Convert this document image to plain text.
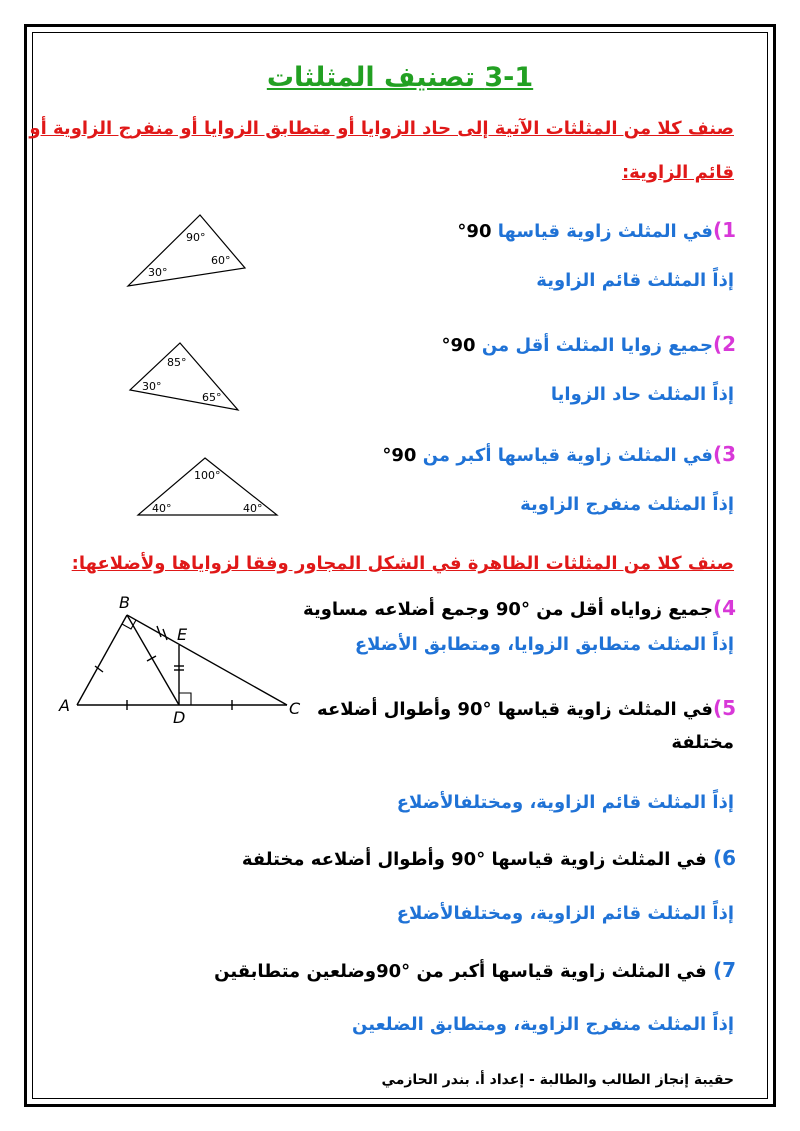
3-1 تصنيف المثلثات
صنف كلا من المثلثات الآتية إلى حاد الزوايا أو متطابق الزوايا أو منفرج الزاوية أو
قائم الزاوية:
1)في المثلث زاوية قياسها 90°
إذاً المثلث قائم الزاوية
2)جميع زوايا المثلث أقل من 90°
إذاً المثلث حاد الزوايا
3)في المثلث زاوية قياسها أكبر من 90°
إذاً المثلث منفرج الزاوية
90°
60°
30°
85°
30°
65°
100°
40°	40°
صنف كلا من المثلثات الظاهرة في الشكل المجاور وفقا لزواياها ولأضلاعها:
4)جميع زواياه أقل من °90 وجمع أضلاعه مساوية
إذاً المثلث متطابق الزوايا، ومتطابق الأضلاع
5)في المثلث زاوية قياسها °90 وأطوال أضلاعه
مختلفة
إذاً المثلث قائم الزاوية، ومختلفالأضلاع
6) في المثلث زاوية قياسها °90 وأطوال أضلاعه مختلفة
إذاً المثلث قائم الزاوية، ومختلفالأضلاع
7) في المثلث زاوية قياسها أكبر من °90وضلعين متطابقين
إذاً المثلث منفرج الزاوية، ومتطابق الضلعين
B
E
A
D	C
حقيبة إنجاز الطالب والطالبة - إعداد أ. بندر الحازمي
